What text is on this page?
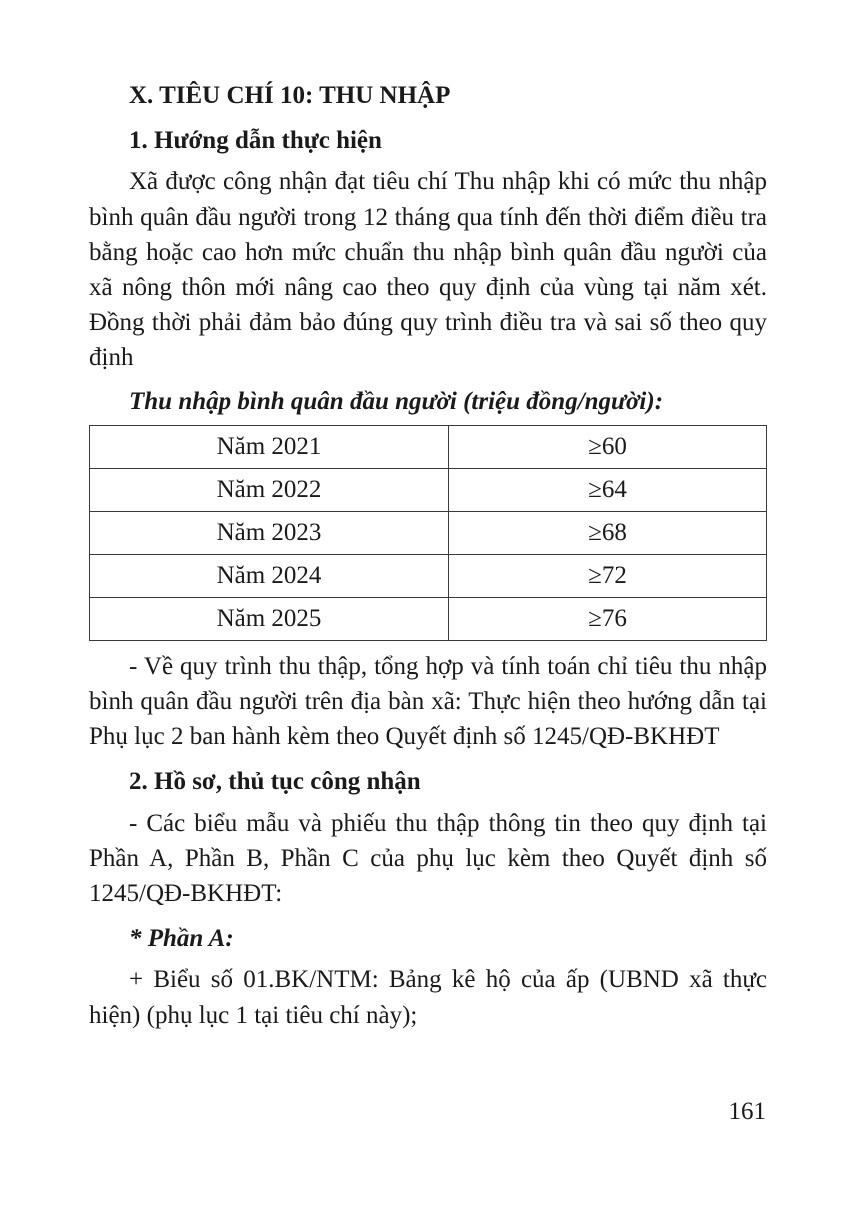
X. TIÊU CHÍ 10: THU NHẬP

1. Hướng dẫn thực hiện

Xã được công nhận đạt tiêu chí Thu nhập khi có mức thu nhập bình quân đầu người trong 12 tháng qua tính đến thời điểm điều tra bằng hoặc cao hơn mức chuẩn thu nhập bình quân đầu người của xã nông thôn mới nâng cao theo quy định của vùng tại năm xét. Đồng thời phải đảm bảo đúng quy trình điều tra và sai số theo quy định

Thu nhập bình quân đầu người (triệu đồng/người):

Năm 2021	≥60
Năm 2022	≥64
Năm 2023	≥68
Năm 2024	≥72
Năm 2025	≥76

- Về quy trình thu thập, tổng hợp và tính toán chỉ tiêu thu nhập bình quân đầu người trên địa bàn xã: Thực hiện theo hướng dẫn tại Phụ lục 2 ban hành kèm theo Quyết định số 1245/QĐ-BKHĐT

2. Hồ sơ, thủ tục công nhận

- Các biểu mẫu và phiếu thu thập thông tin theo quy định tại Phần A, Phần B, Phần C của phụ lục kèm theo Quyết định số 1245/QĐ-BKHĐT:

* Phần A:

+ Biểu số 01.BK/NTM: Bảng kê hộ của ấp (UBND xã thực hiện) (phụ lục 1 tại tiêu chí này);

161
